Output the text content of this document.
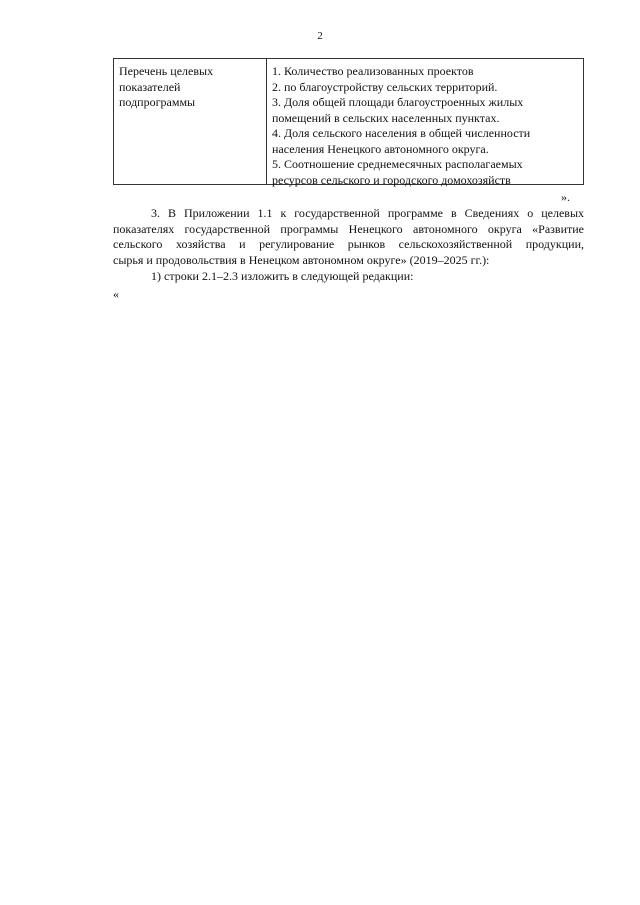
2
Перечень целевых
показателей
подпрограммы
1. Количество реализованных проектов
2. по благоустройству сельских территорий.
3. Доля общей площади благоустроенных жилых
помещений в сельских населенных пунктах.
4. Доля сельского населения в общей численности
населения Ненецкого автономного округа.
5. Соотношение среднемесячных располагаемых
ресурсов сельского и городского домохозяйств
».
3. В Приложении 1.1 к государственной программе в Сведениях о целевых
показателях государственной программы Ненецкого автономного округа «Развитие
сельского хозяйства и регулирование рынков сельскохозяйственной продукции,
сырья и продовольствия в Ненецком автономном округе» (2019–2025 гг.):
1) строки 2.1–2.3 изложить в следующей редакции:
«
